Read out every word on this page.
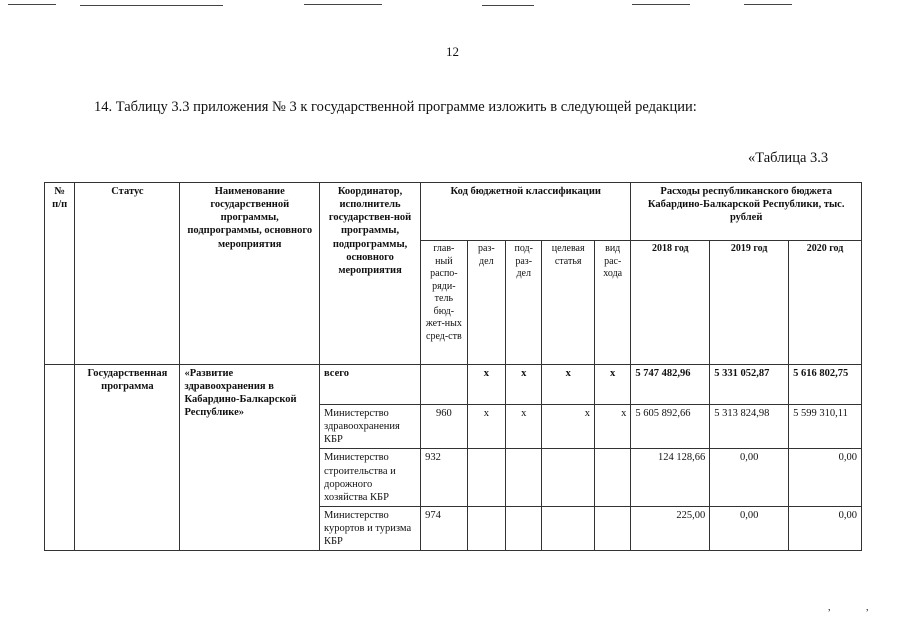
12
14. Таблицу 3.3 приложения № 3 к государственной программе изложить в следующей редакции:
«Таблица 3.3
№ п/п	Статус	Наименование государственной программы, подпрограммы, основного мероприятия	Координатор, исполнитель государствен-ной программы, подпрограммы, основного мероприятия	Код бюджетной классификации					Расходы республиканского бюджета Кабардино-Балкарской Республики, тыс. рублей		
				глав-ный распо-ряди-тель бюд-жет-ных сред-ств	раз-дел	под-раз-дел	целевая статья	вид рас-хода	2018 год	2019 год	2020 год
	Государственная программа	«Развитие здравоохранения в Кабардино-Балкарской Республике»	всего		x	x	x	x	5 747 482,96	5 331 052,87	5 616 802,75
			Министерство здравоохранения КБР	960	x	x	x	x	5 605 892,66	5 313 824,98	5 599 310,11
			Министерство строительства и дорожного хозяйства КБР	932					124 128,66	0,00	0,00
			Министерство курортов и туризма КБР	974					225,00	0,00	0,00
,	,
